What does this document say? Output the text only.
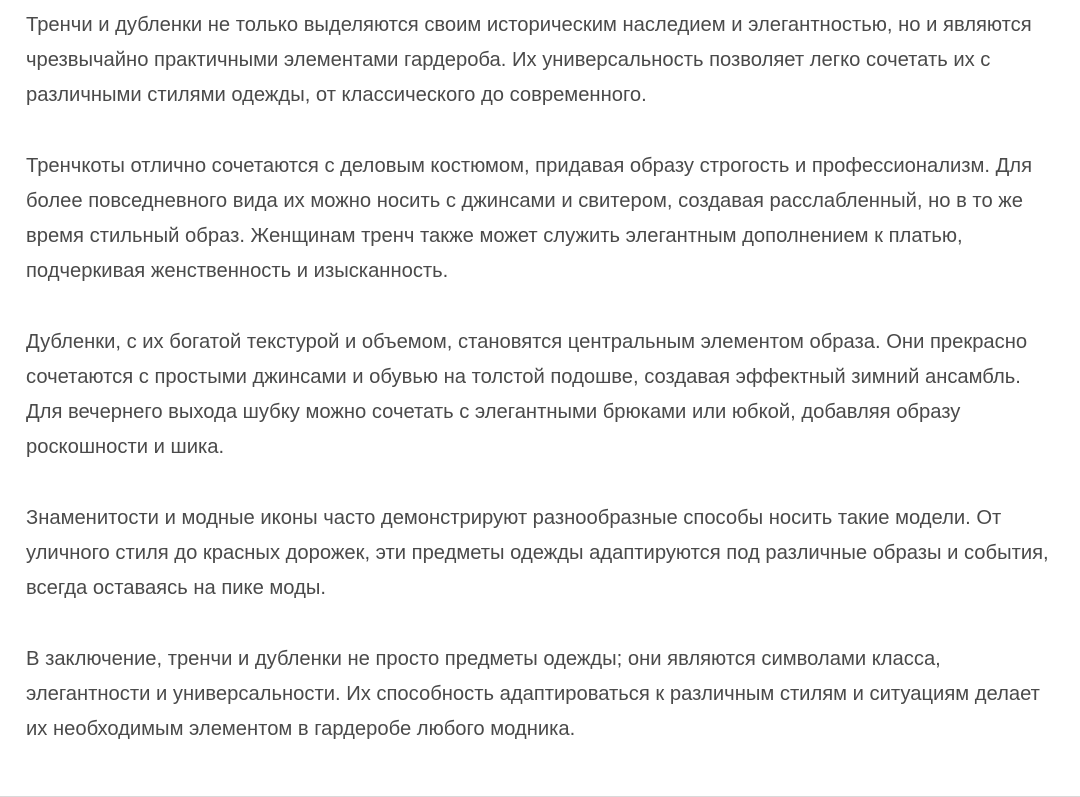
Тренчи и дубленки не только выделяются своим историческим наследием и элегантностью, но и являются чрезвычайно практичными элементами гардероба. Их универсальность позволяет легко сочетать их с различными стилями одежды, от классического до современного.

Тренчкоты отлично сочетаются с деловым костюмом, придавая образу строгость и профессионализм. Для более повседневного вида их можно носить с джинсами и свитером, создавая расслабленный, но в то же время стильный образ. Женщинам тренч также может служить элегантным дополнением к платью, подчеркивая женственность и изысканность.

Дубленки, с их богатой текстурой и объемом, становятся центральным элементом образа. Они прекрасно сочетаются с простыми джинсами и обувью на толстой подошве, создавая эффектный зимний ансамбль. Для вечернего выхода шубку можно сочетать с элегантными брюками или юбкой, добавляя образу роскошности и шика.

Знаменитости и модные иконы часто демонстрируют разнообразные способы носить такие модели. От уличного стиля до красных дорожек, эти предметы одежды адаптируются под различные образы и события, всегда оставаясь на пике моды.

В заключение, тренчи и дубленки не просто предметы одежды; они являются символами класса, элегантности и универсальности. Их способность адаптироваться к различным стилям и ситуациям делает их необходимым элементом в гардеробе любого модника.
